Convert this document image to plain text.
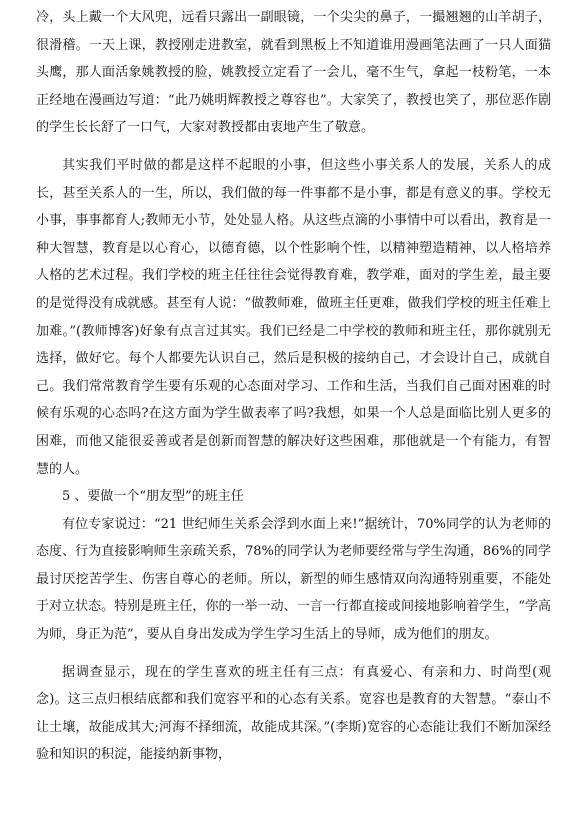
冷，头上戴一个大风兜，远看只露出一副眼镜，一个尖尖的鼻子，一撮翘翘的山羊胡子，很滑稽。一天上课，教授刚走进教室，就看到黑板上不知道谁用漫画笔法画了一只人面猫头鹰，那人面活象姚教授的脸，姚教授立定看了一会儿，毫不生气，拿起一枝粉笔，一本正经地在漫画边写道：“此乃姚明辉教授之尊容也”。大家笑了，教授也笑了，那位恶作剧的学生长长舒了一口气，大家对教授都由衷地产生了敬意。

其实我们平时做的都是这样不起眼的小事，但这些小事关系人的发展，关系人的成长，甚至关系人的一生，所以，我们做的每一件事都不是小事，都是有意义的事。学校无小事，事事都育人;教师无小节，处处显人格。从这些点滴的小事情中可以看出，教育是一种大智慧，教育是以心育心，以德育德，以个性影响个性，以精神塑造精神，以人格培养人格的艺术过程。我们学校的班主任往往会觉得教育难，教学难，面对的学生差，最主要的是觉得没有成就感。甚至有人说：“做教师难，做班主任更难，做我们学校的班主任难上加难。”(教师博客)好象有点言过其实。我们已经是二中学校的教师和班主任，那你就别无选择，做好它。每个人都要先认识自己，然后是积极的接纳自己，才会设计自己，成就自己。我们常常教育学生要有乐观的心态面对学习、工作和生活，当我们自己面对困难的时候有乐观的心态吗?在这方面为学生做表率了吗?我想，如果一个人总是面临比别人更多的困难，而他又能很妥善或者是创新而智慧的解决好这些困难，那他就是一个有能力，有智慧的人。

5 、要做一个“朋友型”的班主任

有位专家说过：“21 世纪师生关系会浮到水面上来!”据统计，70%同学的认为老师的态度、行为直接影响师生亲疏关系，78%的同学认为老师要经常与学生沟通，86%的同学最讨厌挖苦学生、伤害自尊心的老师。所以，新型的师生感情双向沟通特别重要，不能处于对立状态。特别是班主任，你的一举一动、一言一行都直接或间接地影响着学生，“学高为师，身正为范”，要从自身出发成为学生学习生活上的导师，成为他们的朋友。

据调查显示，现在的学生喜欢的班主任有三点：有真爱心、有亲和力、时尚型(观念)。这三点归根结底都和我们宽容平和的心态有关系。宽容也是教育的大智慧。“泰山不让土壤，故能成其大;河海不择细流，故能成其深。”(李斯)宽容的心态能让我们不断加深经验和知识的积淀，能接纳新事物，
